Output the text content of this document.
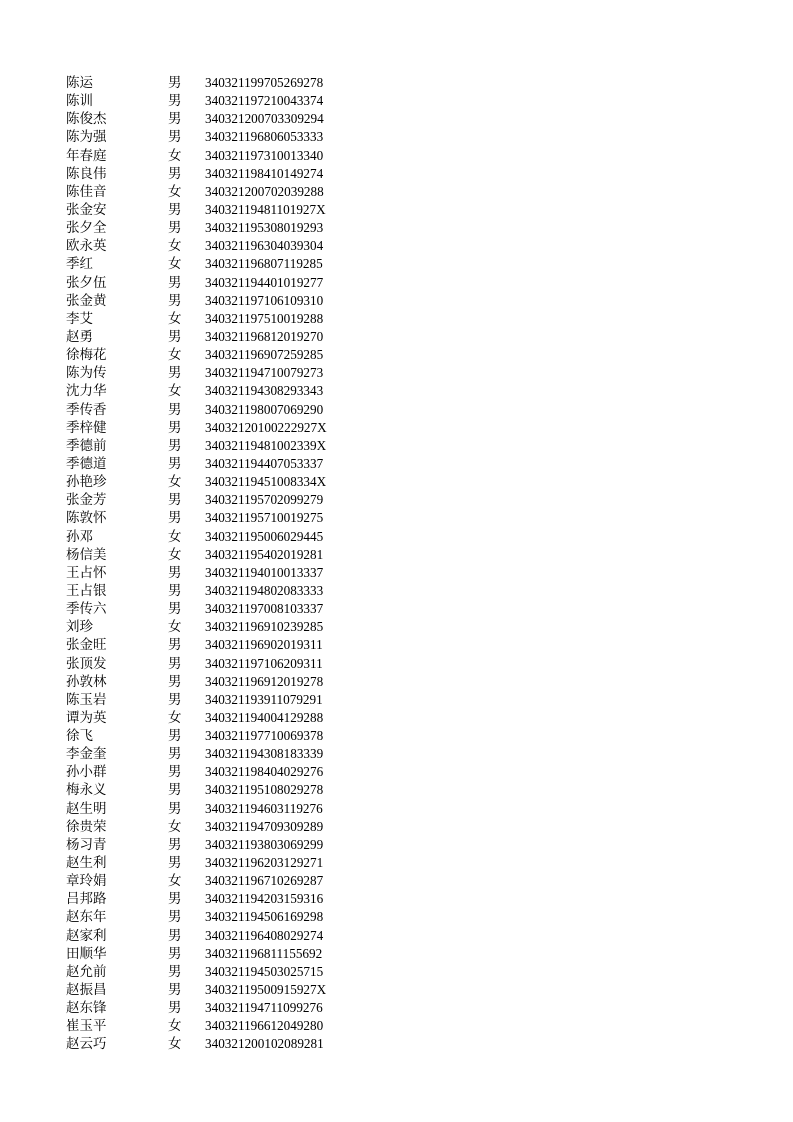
陈运	男 340321199705269278
陈训	男 340321197210043374
陈俊杰	男 340321200703309294
陈为强	男 340321196806053333
年春庭	女 340321197310013340
陈良伟	男 340321198410149274
陈佳音	女 340321200702039288
张金安	男 34032119481101927X
张夕全	男 340321195308019293
欧永英	女 340321196304039304
季红	女 340321196807119285
张夕伍	男 340321194401019277
张金黄	男 340321197106109310
李艾	女 340321197510019288
赵勇	男 340321196812019270
徐梅花	女 340321196907259285
陈为传	男 340321194710079273
沈力华	女 340321194308293343
季传香	男 340321198007069290
季梓健	男 34032120100222927X
季德前	男 34032119481002339X
季德道	男 340321194407053337
孙艳珍	女 34032119451008334X
张金芳	男 340321195702099279
陈敦怀	男 340321195710019275
孙邓	女 340321195006029445
杨信美	女 340321195402019281
王占怀	男 340321194010013337
王占银	男 340321194802083333
季传六	男 340321197008103337
刘珍	女 340321196910239285
张金旺	男 340321196902019311
张顶发	男 340321197106209311
孙敦林	男 340321196912019278
陈玉岩	男 340321193911079291
谭为英	女 340321194004129288
徐飞	男 340321197710069378
李金奎	男 340321194308183339
孙小群	男 340321198404029276
梅永义	男 340321195108029278
赵生明	男 340321194603119276
徐贵荣	女 340321194709309289
杨习青	男 340321193803069299
赵生利	男 340321196203129271
章玲娟	女 340321196710269287
吕邦路	男 340321194203159316
赵东年	男 340321194506169298
赵家利	男 340321196408029274
田顺华	男 340321196811155692
赵允前	男 340321194503025715
赵振昌	男 34032119500915927X
赵东锋	男 340321194711099276
崔玉平	女 340321196612049280
赵云巧	女 340321200102089281
